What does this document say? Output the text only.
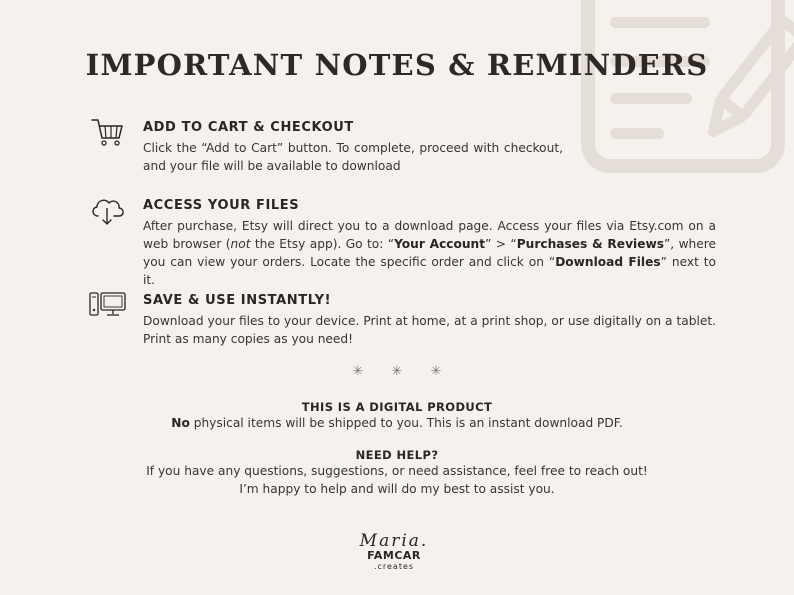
IMPORTANT NOTES & REMINDERS
ADD TO CART & CHECKOUT
Click the “Add to Cart” button. To complete, proceed with checkout, and your file will be available to download
ACCESS YOUR FILES
After purchase, Etsy will direct you to a download page. Access your files via Etsy.com on a web browser (not the Etsy app). Go to: “Your Account” > “Purchases & Reviews”, where you can view your orders. Locate the specific order and click on “Download Files” next to it.
SAVE & USE INSTANTLY!
Download your files to your device. Print at home, at a print shop, or use digitally on a tablet. Print as many copies as you need!
✳ ✳ ✳
THIS IS A DIGITAL PRODUCT
No physical items will be shipped to you. This is an instant download PDF.
NEED HELP?
If you have any questions, suggestions, or need assistance, feel free to reach out!
I’m happy to help and will do my best to assist you.
Maria.
FAMCAR
.creates
